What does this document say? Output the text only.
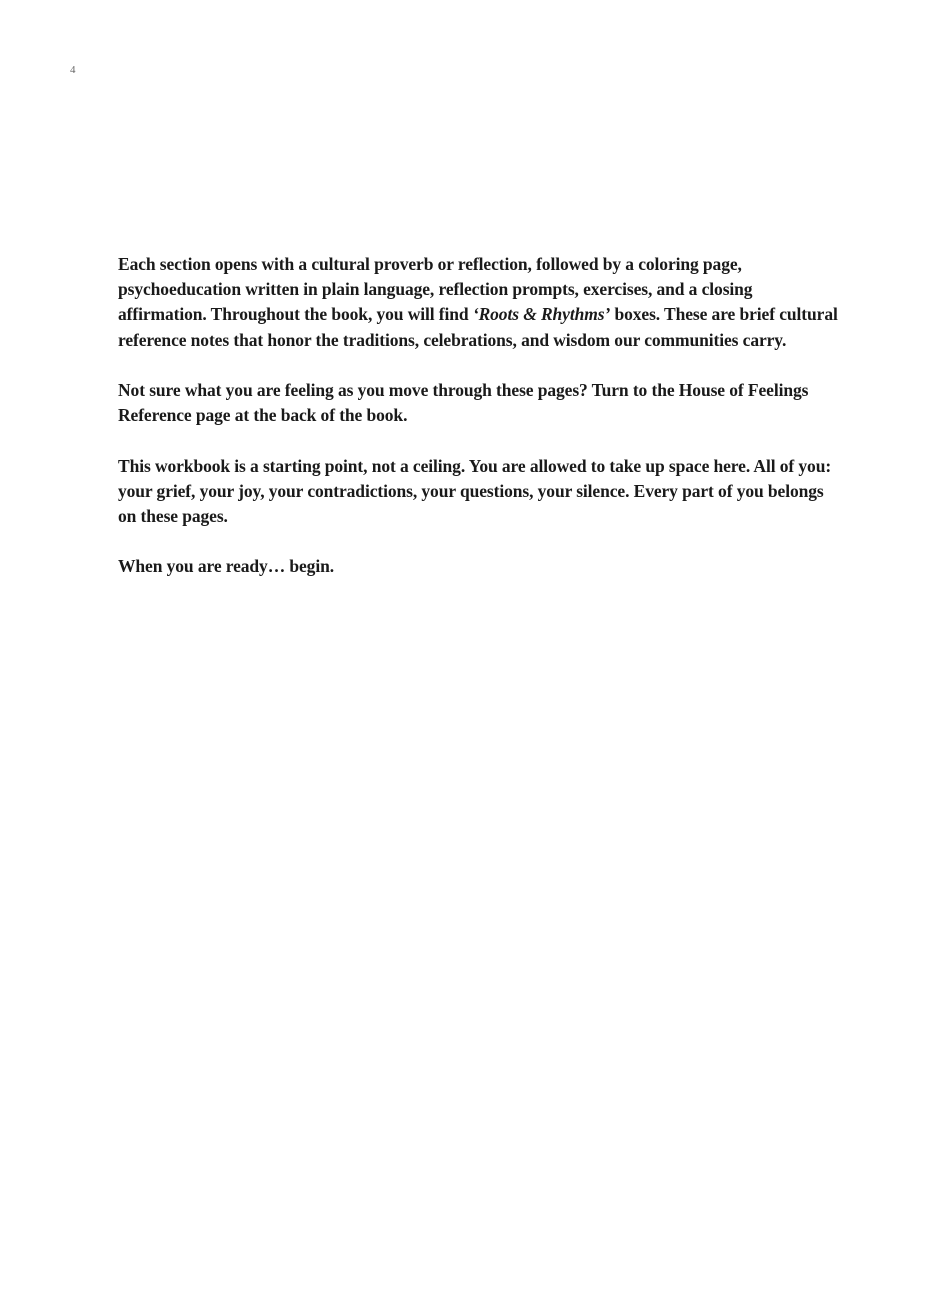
4

Each section opens with a cultural proverb or reflection, followed by a coloring page, psychoeducation written in plain language, reflection prompts, exercises, and a closing affirmation. Throughout the book, you will find ‘Roots & Rhythms’ boxes. These are brief cultural reference notes that honor the traditions, celebrations, and wisdom our communities carry.

Not sure what you are feeling as you move through these pages? Turn to the House of Feelings Reference page at the back of the book.

This workbook is a starting point, not a ceiling. You are allowed to take up space here. All of you: your grief, your joy, your contradictions, your questions, your silence. Every part of you belongs on these pages.

When you are ready… begin.
